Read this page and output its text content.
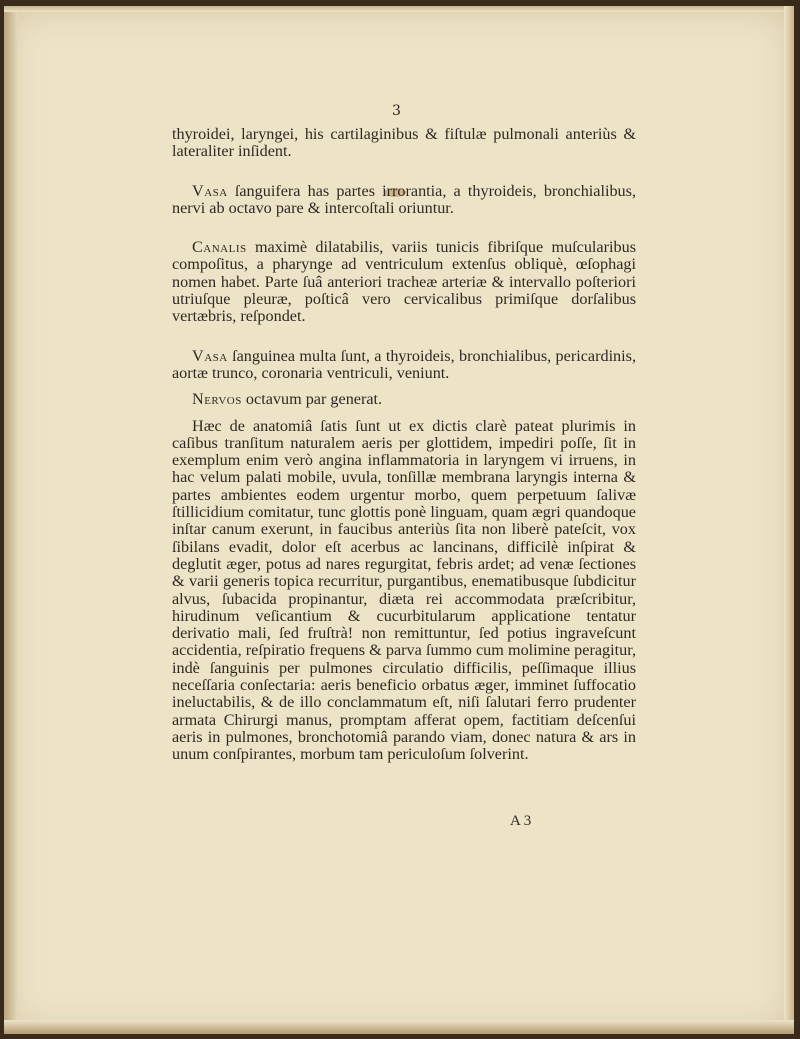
3

thyroidei, laryngei, his cartilaginibus & fiſtulæ pulmonali anteriùs & lateraliter inſident.

Vasa ſanguifera has partes irrorantia, a thyroideis, bronchialibus, nervi ab octavo pare & intercoſtali oriuntur.

Canalis maximè dilatabilis, variis tunicis fibriſque muſcularibus compoſitus, a pharynge ad ventriculum extenſus obliquè, œſophagi nomen habet. Parte ſuâ anteriori tracheæ arteriæ & intervallo poſteriori utriuſque pleuræ, poſticâ vero cervicalibus primiſque dorſalibus vertæbris, reſpondet.

Vasa ſanguinea multa ſunt, a thyroideis, bronchialibus, pericardinis, aortæ trunco, coronaria ventriculi, veniunt.

Nervos octavum par generat.

Hæc de anatomiâ ſatis ſunt ut ex dictis clarè pateat plurimis in caſibus tranſitum naturalem aeris per glottidem, impediri poſſe, ſit in exemplum enim verò angina inflammatoria in laryngem vi irruens, in hac velum palati mobile, uvula, tonſillæ membrana laryngis interna & partes ambientes eodem urgentur morbo, quem perpetuum ſalivæ ſtillicidium comitatur, tunc glottis ponè linguam, quam ægri quandoque inſtar canum exerunt, in faucibus anteriùs ſita non liberè pateſcit, vox ſibilans evadit, dolor eſt acerbus ac lancinans, difficilè inſpirat & deglutit æger, potus ad nares regurgitat, febris ardet; ad venæ ſectiones & varii generis topica recurritur, purgantibus, enematibusque ſubdicitur alvus, ſubacida propinantur, diæta rei accommodata præſcribitur, hirudinum veſicantium & cucurbitularum applicatione tentatur derivatio mali, ſed fruſtrà! non remittuntur, ſed potius ingraveſcunt accidentia, reſpiratio frequens & parva ſummo cum molimine peragitur, indè ſanguinis per pulmones circulatio difficilis, peſſimaque illius neceſſaria conſectaria: aeris beneficio orbatus æger, imminet ſuffocatio ineluctabilis, & de illo conclammatum eſt, niſi ſalutari ferro prudenter armata Chirurgi manus, promptam afferat opem, factitiam deſcenſui aeris in pulmones, bronchotomiâ parando viam, donec natura & ars in unum conſpirantes, morbum tam periculoſum ſolverint.

A 3
